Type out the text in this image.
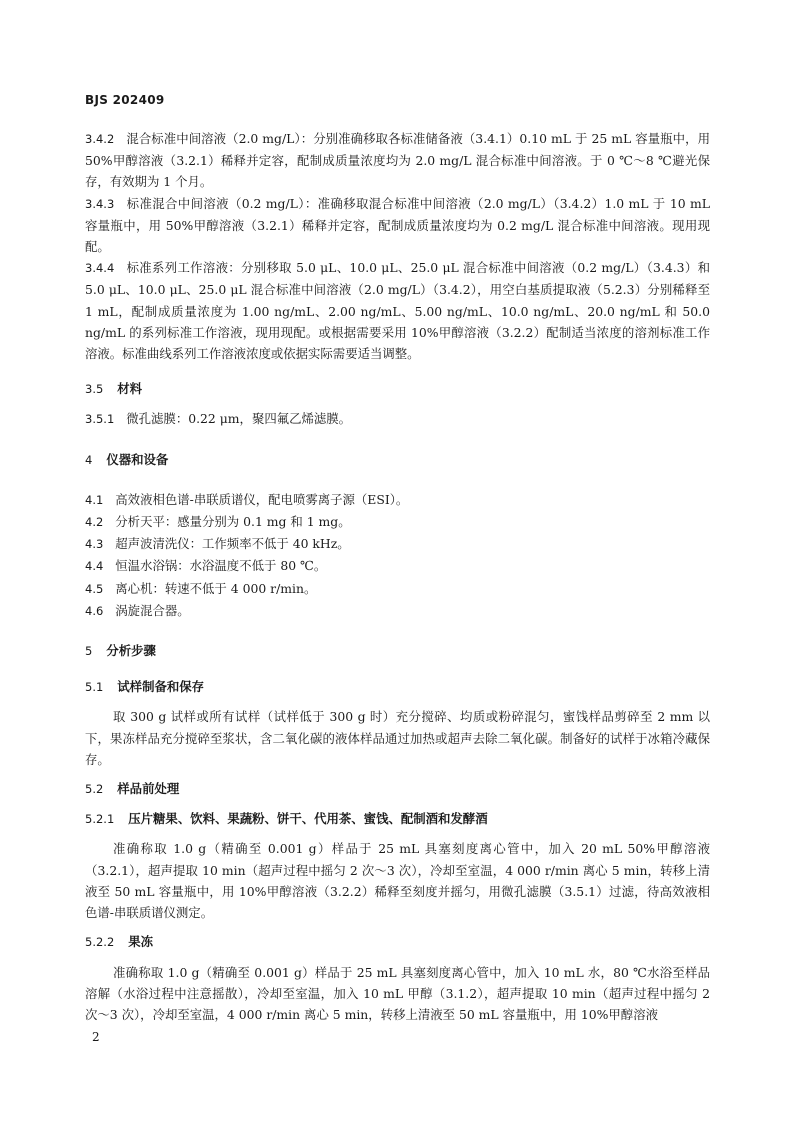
BJS 202409

3.4.2 混合标准中间溶液（2.0 mg/L）：分别准确移取各标准储备液（3.4.1）0.10 mL 于 25 mL 容量瓶中，用 50%甲醇溶液（3.2.1）稀释并定容，配制成质量浓度均为 2.0 mg/L 混合标准中间溶液。于 0 ℃～8 ℃避光保存，有效期为 1 个月。

3.4.3 标准混合中间溶液（0.2 mg/L）：准确移取混合标准中间溶液（2.0 mg/L）（3.4.2）1.0 mL 于 10 mL 容量瓶中，用 50%甲醇溶液（3.2.1）稀释并定容，配制成质量浓度均为 0.2 mg/L 混合标准中间溶液。现用现配。

3.4.4 标准系列工作溶液：分别移取 5.0 μL、10.0 μL、25.0 μL 混合标准中间溶液（0.2 mg/L）（3.4.3）和 5.0 μL、10.0 μL、25.0 μL 混合标准中间溶液（2.0 mg/L）（3.4.2），用空白基质提取液（5.2.3）分别稀释至 1 mL，配制成质量浓度为 1.00 ng/mL、2.00 ng/mL、5.00 ng/mL、10.0 ng/mL、20.0 ng/mL 和 50.0 ng/mL 的系列标准工作溶液，现用现配。或根据需要采用 10%甲醇溶液（3.2.2）配制适当浓度的溶剂标准工作溶液。标准曲线系列工作溶液浓度或依据实际需要适当调整。

3.5 材料

3.5.1 微孔滤膜：0.22 μm，聚四氟乙烯滤膜。

4 仪器和设备

4.1 高效液相色谱-串联质谱仪，配电喷雾离子源（ESI）。

4.2 分析天平：感量分别为 0.1 mg 和 1 mg。

4.3 超声波清洗仪：工作频率不低于 40 kHz。

4.4 恒温水浴锅：水浴温度不低于 80 ℃。

4.5 离心机：转速不低于 4 000 r/min。

4.6 涡旋混合器。

5 分析步骤

5.1 试样制备和保存

取 300 g 试样或所有试样（试样低于 300 g 时）充分搅碎、均质或粉碎混匀，蜜饯样品剪碎至 2 mm 以下，果冻样品充分搅碎至浆状，含二氧化碳的液体样品通过加热或超声去除二氧化碳。制备好的试样于冰箱冷藏保存。

5.2 样品前处理

5.2.1 压片糖果、饮料、果蔬粉、饼干、代用茶、蜜饯、配制酒和发酵酒

准确称取 1.0 g（精确至 0.001 g）样品于 25 mL 具塞刻度离心管中，加入 20 mL 50%甲醇溶液（3.2.1），超声提取 10 min（超声过程中摇匀 2 次～3 次），冷却至室温，4 000 r/min 离心 5 min，转移上清液至 50 mL 容量瓶中，用 10%甲醇溶液（3.2.2）稀释至刻度并摇匀，用微孔滤膜（3.5.1）过滤，待高效液相色谱-串联质谱仪测定。

5.2.2 果冻

准确称取 1.0 g（精确至 0.001 g）样品于 25 mL 具塞刻度离心管中，加入 10 mL 水，80 ℃水浴至样品溶解（水浴过程中注意摇散），冷却至室温，加入 10 mL 甲醇（3.1.2），超声提取 10 min（超声过程中摇匀 2 次～3 次），冷却至室温，4 000 r/min 离心 5 min，转移上清液至 50 mL 容量瓶中，用 10%甲醇溶液

2
